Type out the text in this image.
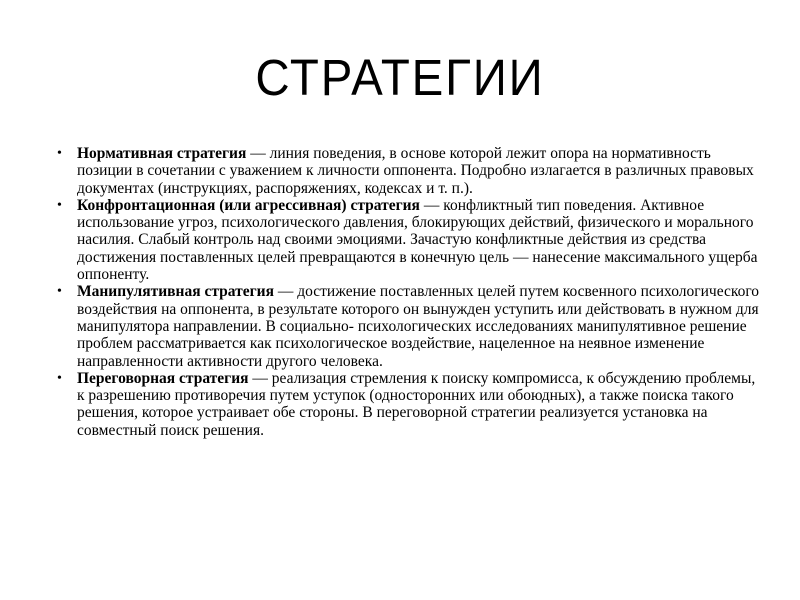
СТРАТЕГИИ
• Нормативная стратегия — линия поведения, в основе которой лежит опора на нормативность позиции в сочетании с уважением к личности оппонента. Подробно излагается в различных правовых документах (инструкциях, распоряжениях, кодексах и т. п.).
• Конфронтационная (или агрессивная) стратегия — конфликтный тип поведения. Активное использование угроз, психологического давления, блокирующих действий, физического и морального насилия. Слабый контроль над своими эмоциями. Зачастую конфликтные действия из средства достижения поставленных целей превращаются в конечную цель — нанесение максимального ущерба оппоненту.
• Манипулятивная стратегия — достижение поставленных целей путем косвенного психологического воздействия на оппонента, в результате которого он вынужден уступить или действовать в нужном для манипулятора направлении. В социально- психологических исследованиях манипулятивное решение проблем рассматривается как психологическое воздействие, нацеленное на неявное изменение направленности активности другого человека.
• Переговорная стратегия — реализация стремления к поиску компромисса, к обсуждению проблемы, к разрешению противоречия путем уступок (односторонних или обоюдных), а также поиска такого решения, которое устраивает обе стороны. В переговорной стратегии реализуется установка на совместный поиск решения.
